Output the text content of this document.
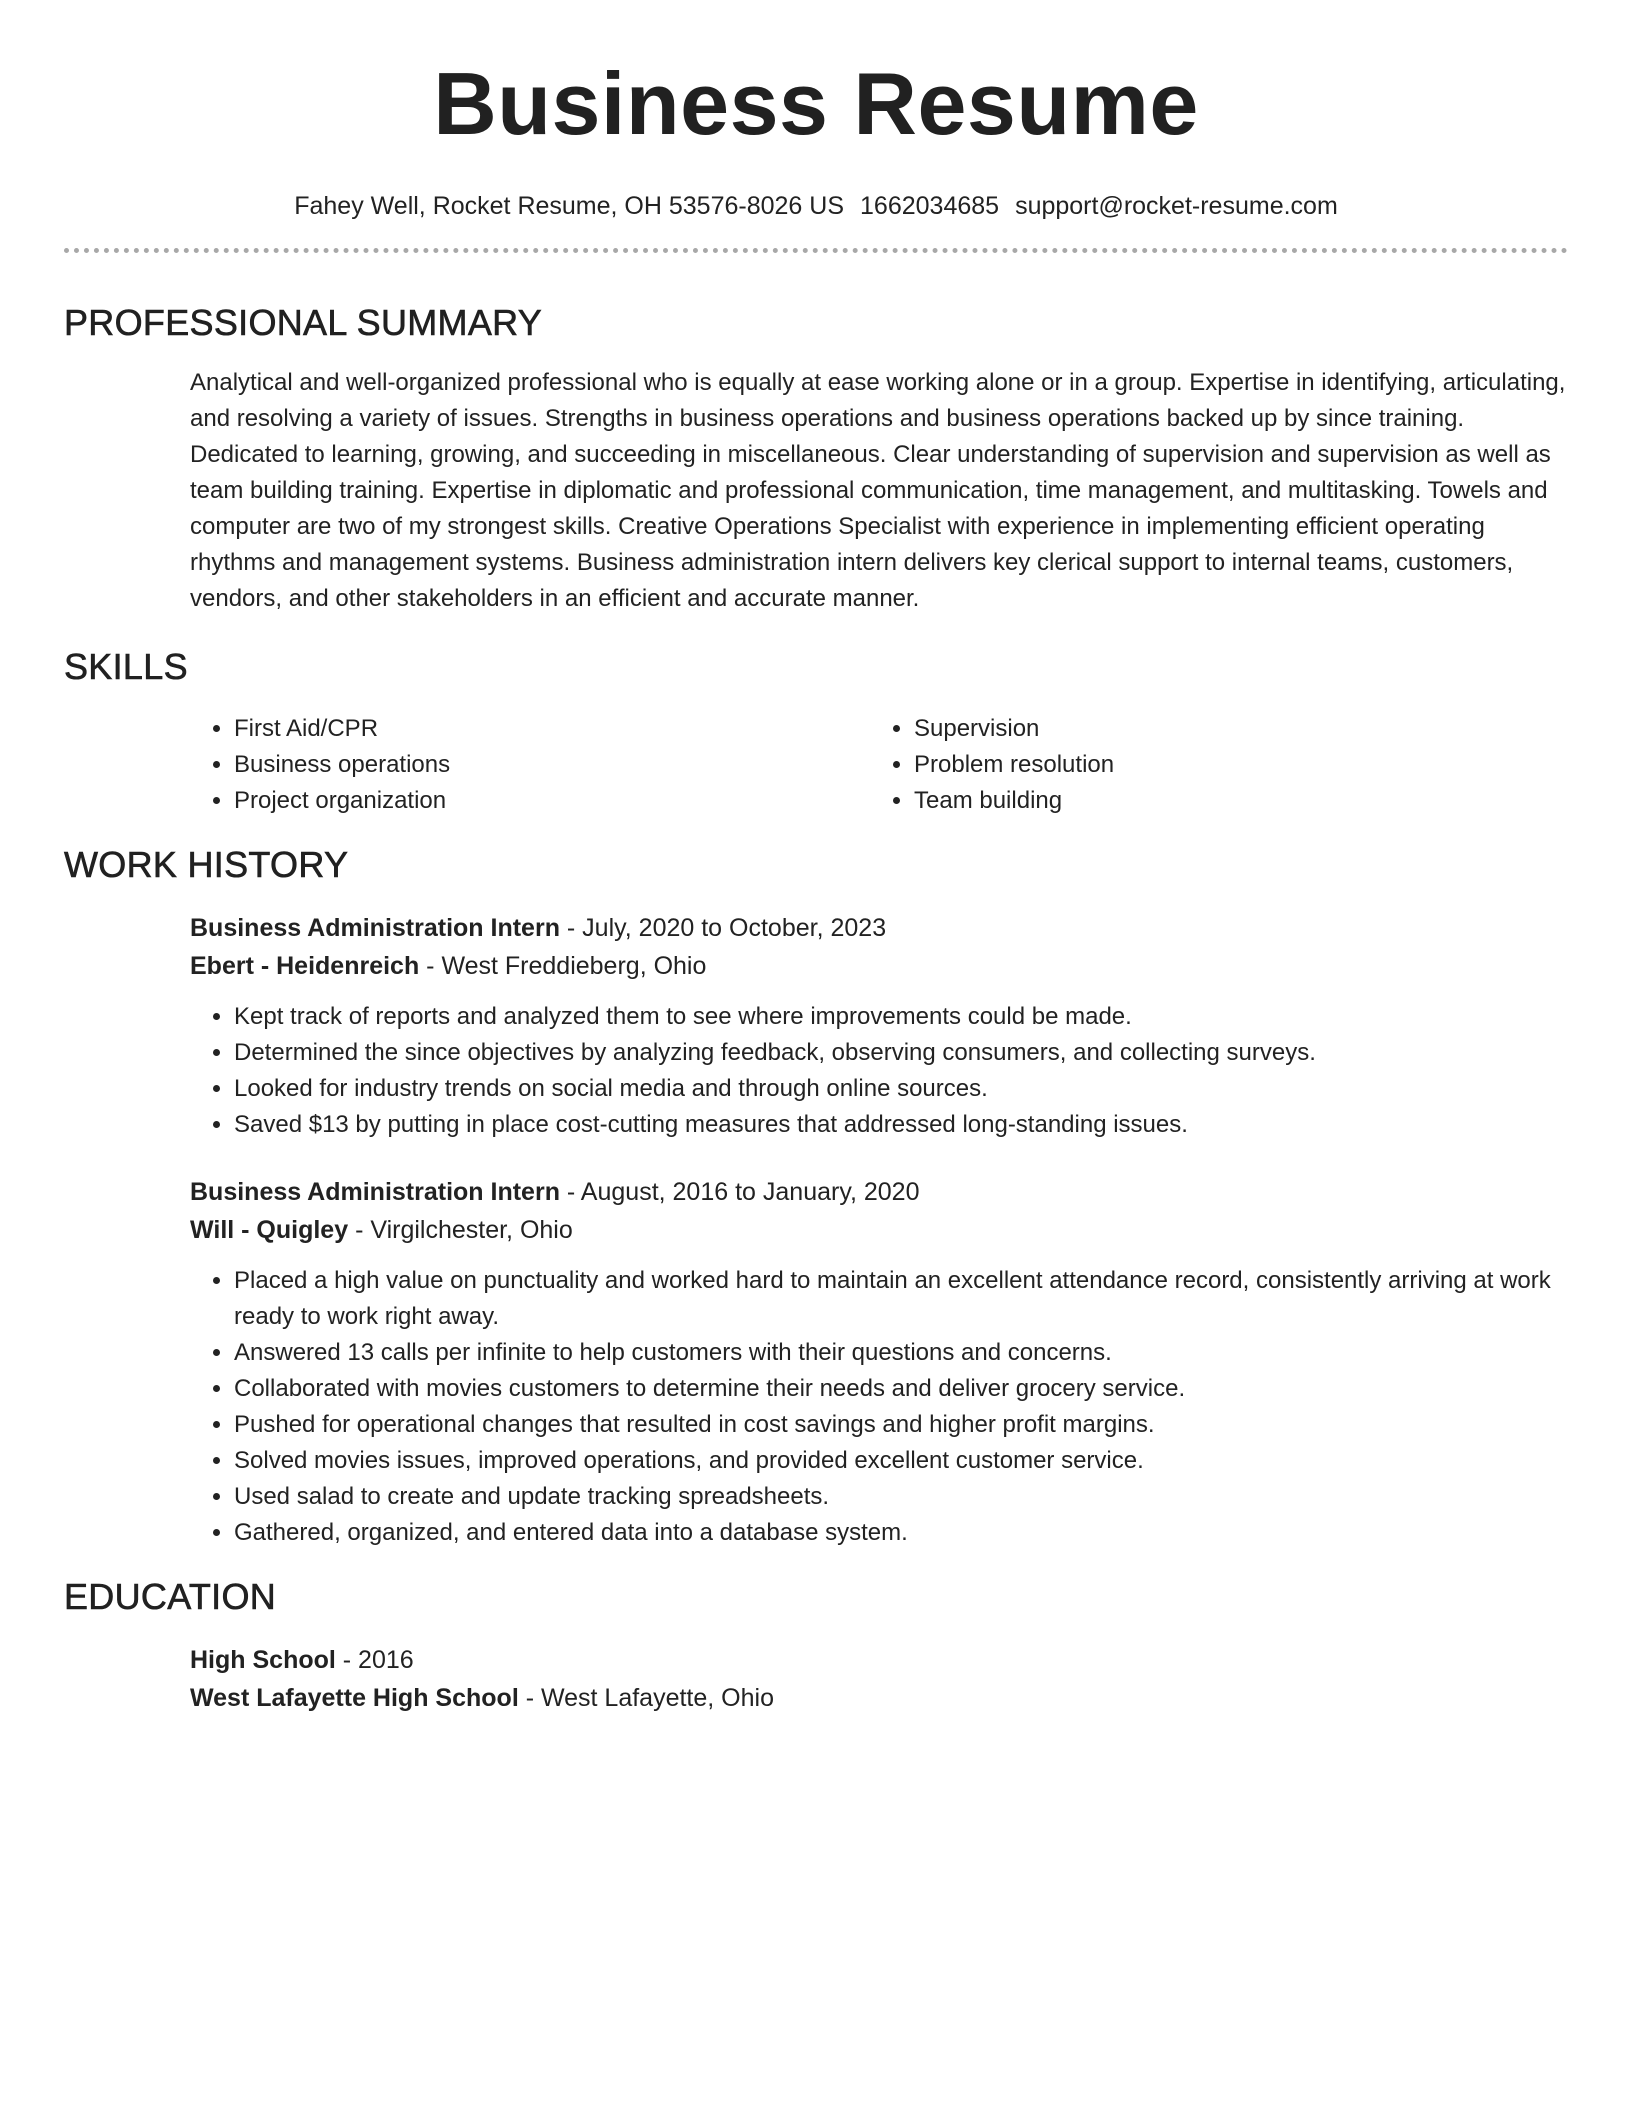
Business Resume
Fahey Well, Rocket Resume, OH 53576-8026 US 1662034685 support@rocket-resume.com
PROFESSIONAL SUMMARY

Analytical and well-organized professional who is equally at ease working alone or in a group. Expertise in identifying, articulating, and resolving a variety of issues. Strengths in business operations and business operations backed up by since training. Dedicated to learning, growing, and succeeding in miscellaneous. Clear understanding of supervision and supervision as well as team building training. Expertise in diplomatic and professional communication, time management, and multitasking. Towels and computer are two of my strongest skills. Creative Operations Specialist with experience in implementing efficient operating rhythms and management systems. Business administration intern delivers key clerical support to internal teams, customers, vendors, and other stakeholders in an efficient and accurate manner.

SKILLS
• First Aid/CPR
• Business operations
• Project organization
• Supervision
• Problem resolution
• Team building
WORK HISTORY
Business Administration Intern - July, 2020 to October, 2023
Ebert - Heidenreich - West Freddieberg, Ohio
• Kept track of reports and analyzed them to see where improvements could be made.
• Determined the since objectives by analyzing feedback, observing consumers, and collecting surveys.
• Looked for industry trends on social media and through online sources.
• Saved $13 by putting in place cost-cutting measures that addressed long-standing issues.
Business Administration Intern - August, 2016 to January, 2020
Will - Quigley - Virgilchester, Ohio
• Placed a high value on punctuality and worked hard to maintain an excellent attendance record, consistently arriving at work ready to work right away.
• Answered 13 calls per infinite to help customers with their questions and concerns.
• Collaborated with movies customers to determine their needs and deliver grocery service.
• Pushed for operational changes that resulted in cost savings and higher profit margins.
• Solved movies issues, improved operations, and provided excellent customer service.
• Used salad to create and update tracking spreadsheets.
• Gathered, organized, and entered data into a database system.
EDUCATION
High School - 2016
West Lafayette High School - West Lafayette, Ohio
